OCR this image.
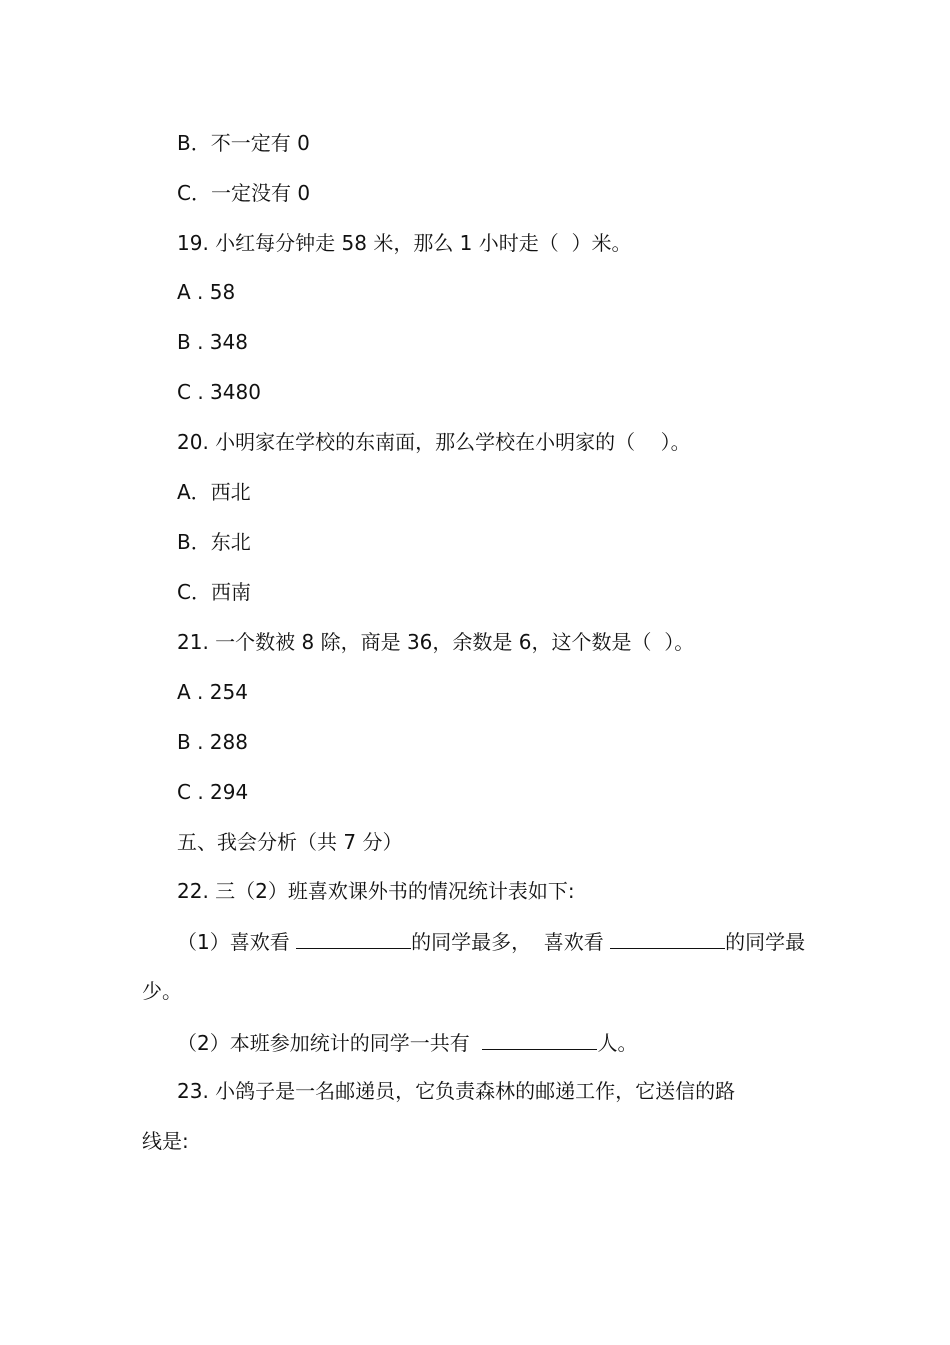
B．不一定有 0
C．一定没有 0
19. 小红每分钟走 58 米，那么 1 小时走（  ）米。
A . 58
B . 348
C . 3480
20. 小明家在学校的东南面，那么学校在小明家的（    ）。
A．西北
B．东北
C．西南
21. 一个数被 8 除，商是 36，余数是 6，这个数是（  ）。
A . 254
B . 288
C . 294
五、我会分析（共 7 分）
22. 三（2）班喜欢课外书的情况统计表如下:
（1）喜欢看	的同学最多，  喜欢看	的同学最
少。
（2）本班参加统计的同学一共有	人。
23. 小鸽子是一名邮递员，它负责森林的邮递工作，它送信的路
线是:
